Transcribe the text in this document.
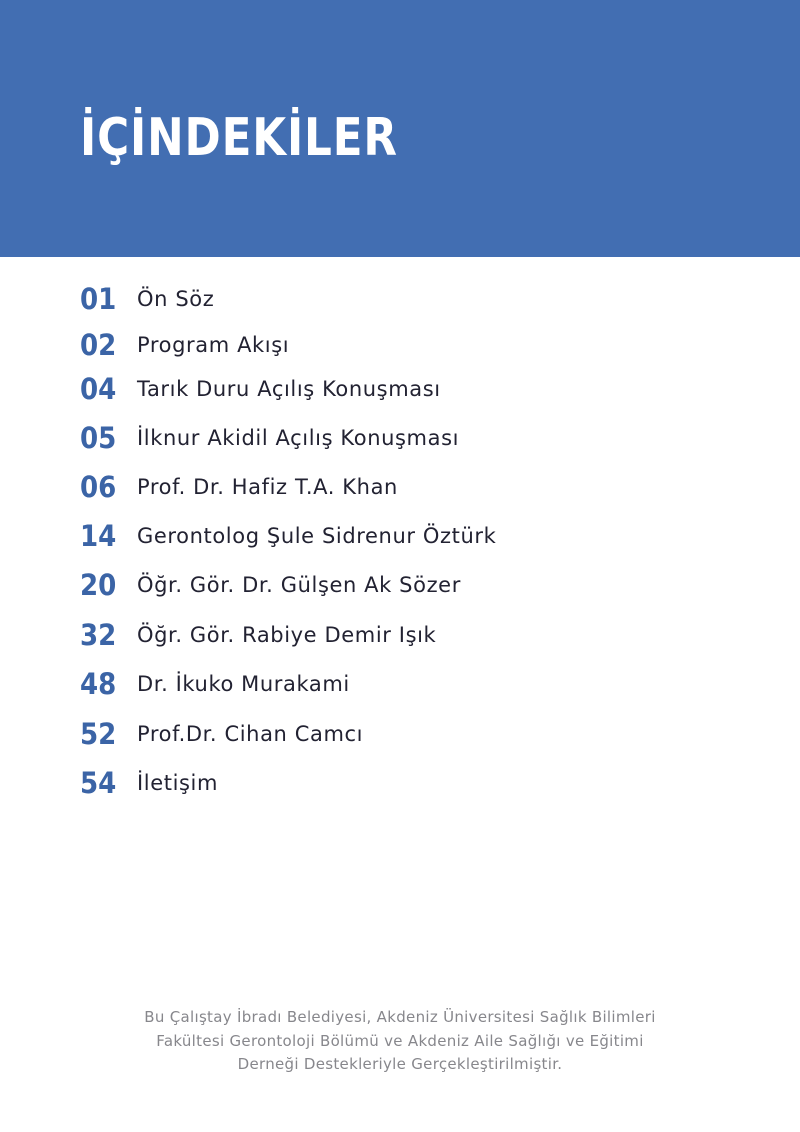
İÇİNDEKİLER
01 Ön Söz
02 Program Akışı
04 Tarık Duru Açılış Konuşması
05 İlknur Akidil Açılış Konuşması
06 Prof. Dr. Hafiz T.A. Khan
14 Gerontolog Şule Sidrenur Öztürk
20 Öğr. Gör. Dr. Gülşen Ak Sözer
32 Öğr. Gör. Rabiye Demir Işık
48 Dr. İkuko Murakami
52 Prof.Dr. Cihan Camcı
54 İletişim
Bu Çalıştay İbradı Belediyesi, Akdeniz Üniversitesi Sağlık Bilimleri
Fakültesi Gerontoloji Bölümü ve Akdeniz Aile Sağlığı ve Eğitimi
Derneği Destekleriyle Gerçekleştirilmiştir.
